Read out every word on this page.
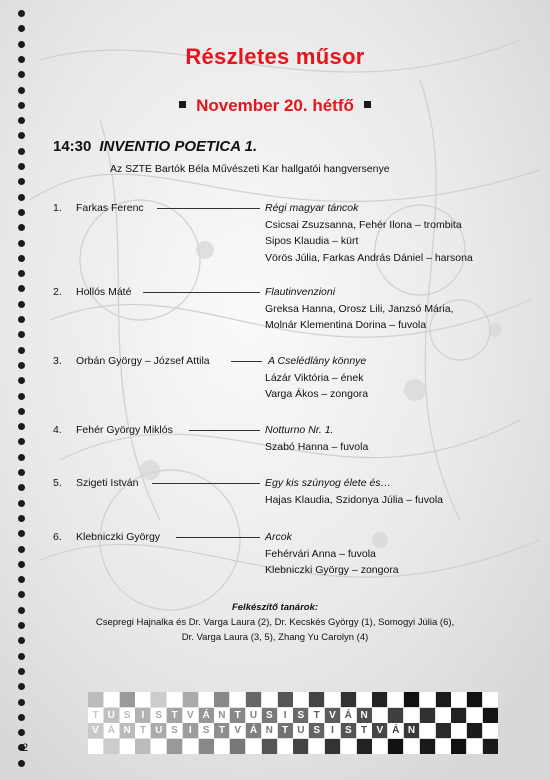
Részletes műsor
November 20. hétfő
14:30 INVENTIO POETICA 1.
Az SZTE Bartók Béla Művészeti Kar hallgatói hangversenye
1. Farkas Ferenc	Régi magyar táncok
Csicsai Zsuzsanna, Fehér Ilona – trombita
Sipos Klaudia – kürt
Vörös Júlia, Farkas András Dániel – harsona
2. Hollós Máté	Flautinvenzioni
Greksa Hanna, Orosz Lili, Janzsó Mária,
Molnár Klementina Dorina – fuvola
3. Orbán György – József Attila	A Cselédlány könnye
Lázár Viktória – ének
Varga Ákos – zongora
4. Fehér György Miklós	Notturno Nr. 1.
Szabó Hanna – fuvola
5. Szigeti István	Egy kis szúnyog élete és…
Hajas Klaudia, Szidonya Júlia – fuvola
6. Klebniczki György	Arcok
Fehérvári Anna – fuvola
Klebniczki György – zongora
Felkészítő tanárok:
Csepregi Hajnalka és Dr. Varga Laura (2), Dr. Kecskés György (1), Somogyi Júlia (6),
Dr. Varga Laura (3, 5), Zhang Yu Carolyn (4)
T U S	I	S T V Á N T U S	I	S T V Á N
V Á N T U S	I	S T V Á N T U S	I	S T V Á N
2
